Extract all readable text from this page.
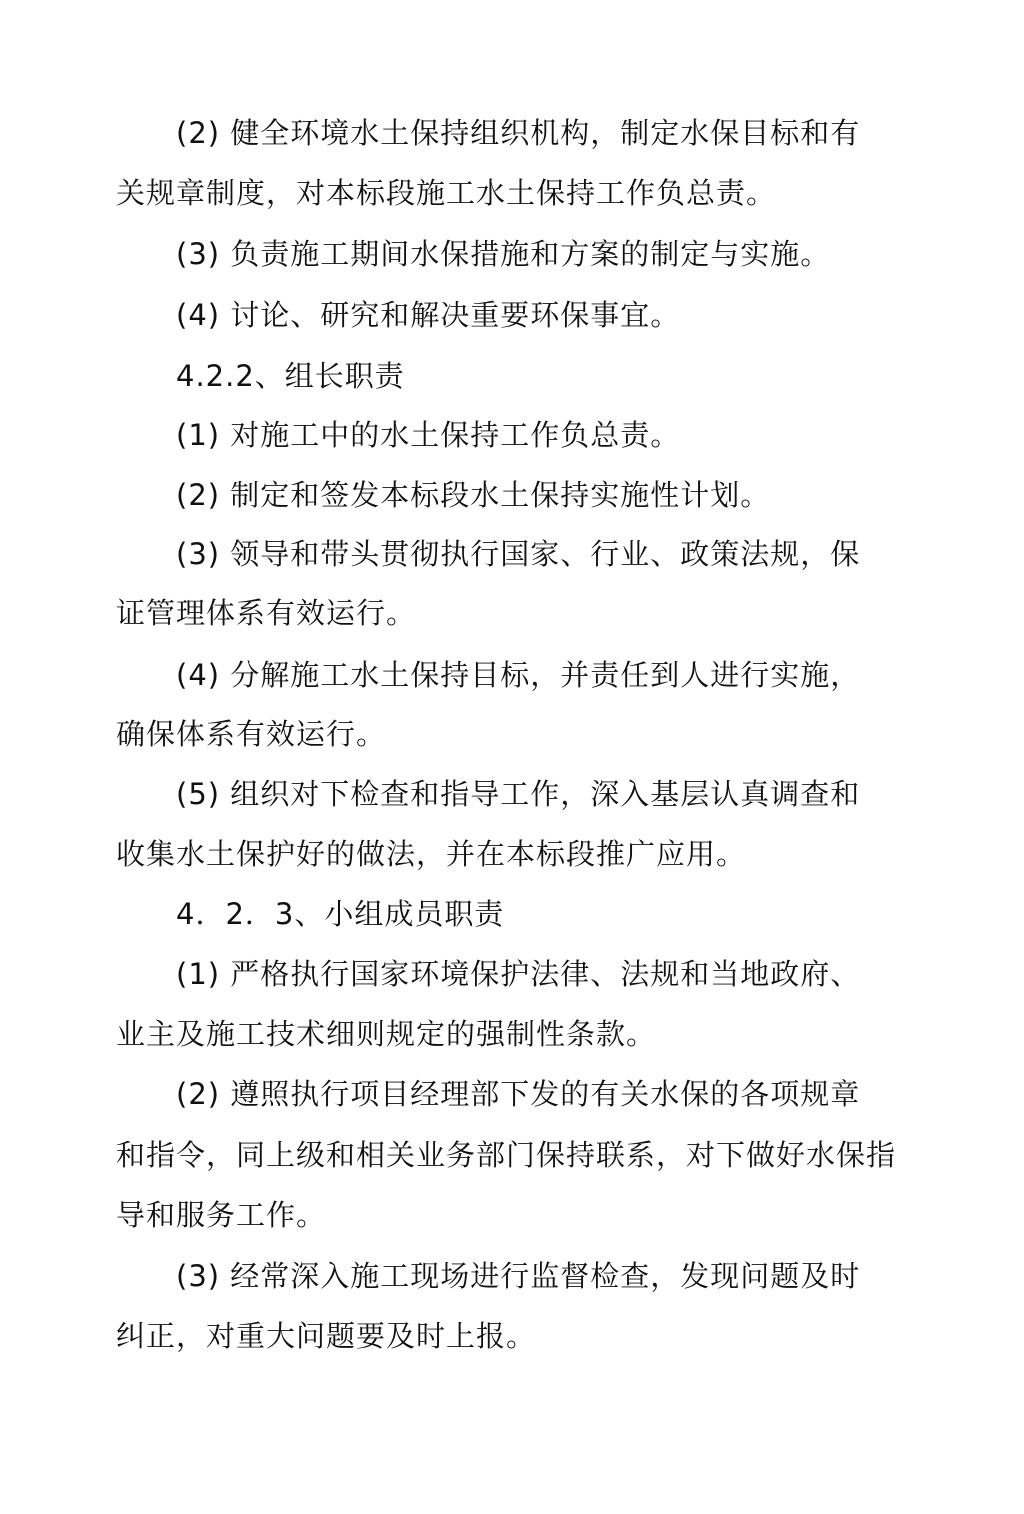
(2) 健全环境水土保持组织机构，制定水保目标和有
关规章制度，对本标段施工水土保持工作负总责。
(3) 负责施工期间水保措施和方案的制定与实施。
(4) 讨论、研究和解决重要环保事宜。
4.2.2、组长职责
(1) 对施工中的水土保持工作负总责。
(2) 制定和签发本标段水土保持实施性计划。
(3) 领导和带头贯彻执行国家、行业、政策法规，保
证管理体系有效运行。
(4) 分解施工水土保持目标，并责任到人进行实施，
确保体系有效运行。
(5) 组织对下检查和指导工作，深入基层认真调查和
收集水土保护好的做法，并在本标段推广应用。
4．2．3、小组成员职责
(1) 严格执行国家环境保护法律、法规和当地政府、
业主及施工技术细则规定的强制性条款。
(2) 遵照执行项目经理部下发的有关水保的各项规章
和指令，同上级和相关业务部门保持联系，对下做好水保指
导和服务工作。
(3) 经常深入施工现场进行监督检查，发现问题及时
纠正，对重大问题要及时上报。
